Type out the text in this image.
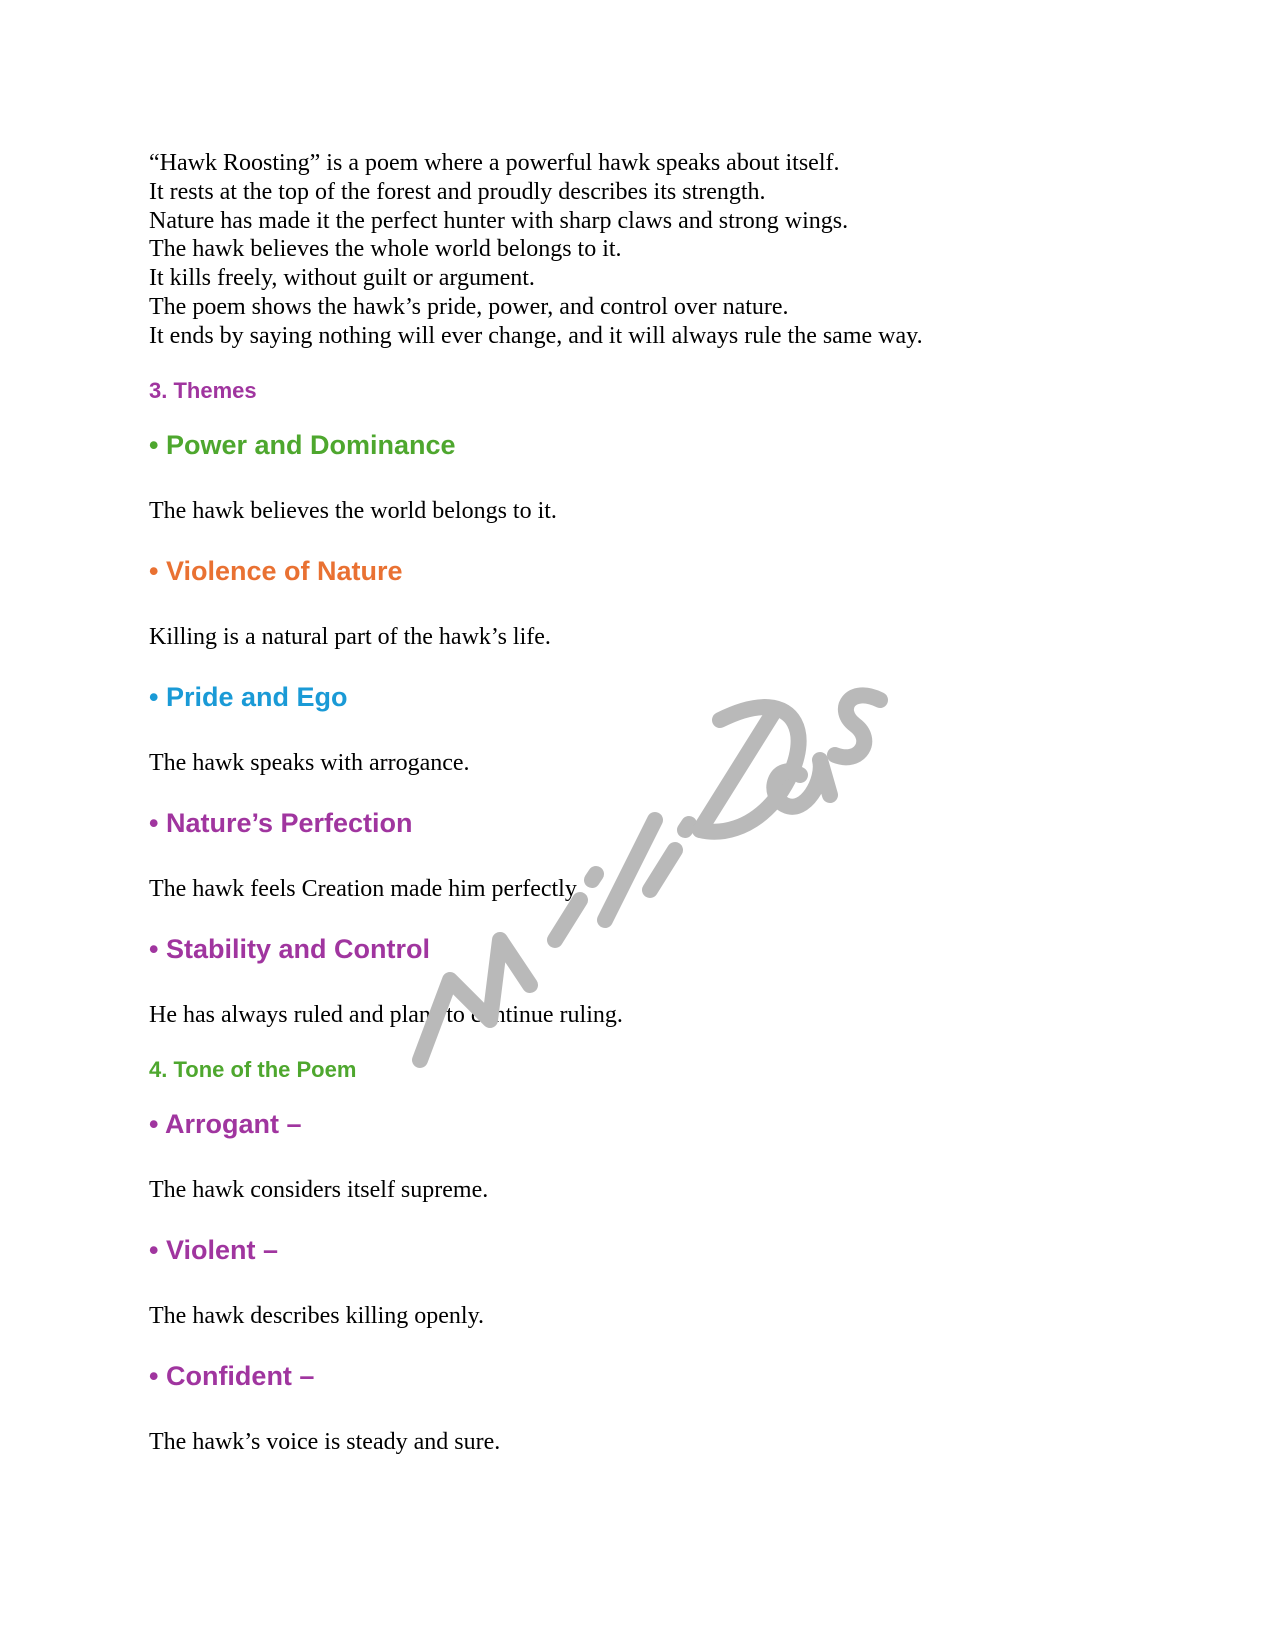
“Hawk Roosting” is a poem where a powerful hawk speaks about itself.
It rests at the top of the forest and proudly describes its strength.
Nature has made it the perfect hunter with sharp claws and strong wings.
The hawk believes the whole world belongs to it.
It kills freely, without guilt or argument.
The poem shows the hawk’s pride, power, and control over nature.
It ends by saying nothing will ever change, and it will always rule the same way.
3. Themes
• Power and Dominance
The hawk believes the world belongs to it.
• Violence of Nature
Killing is a natural part of the hawk’s life.
• Pride and Ego
The hawk speaks with arrogance.
• Nature’s Perfection
The hawk feels Creation made him perfectly.
• Stability and Control
He has always ruled and plans to continue ruling.
4. Tone of the Poem
• Arrogant –
The hawk considers itself supreme.
• Violent –
The hawk describes killing openly.
• Confident –
The hawk’s voice is steady and sure.
